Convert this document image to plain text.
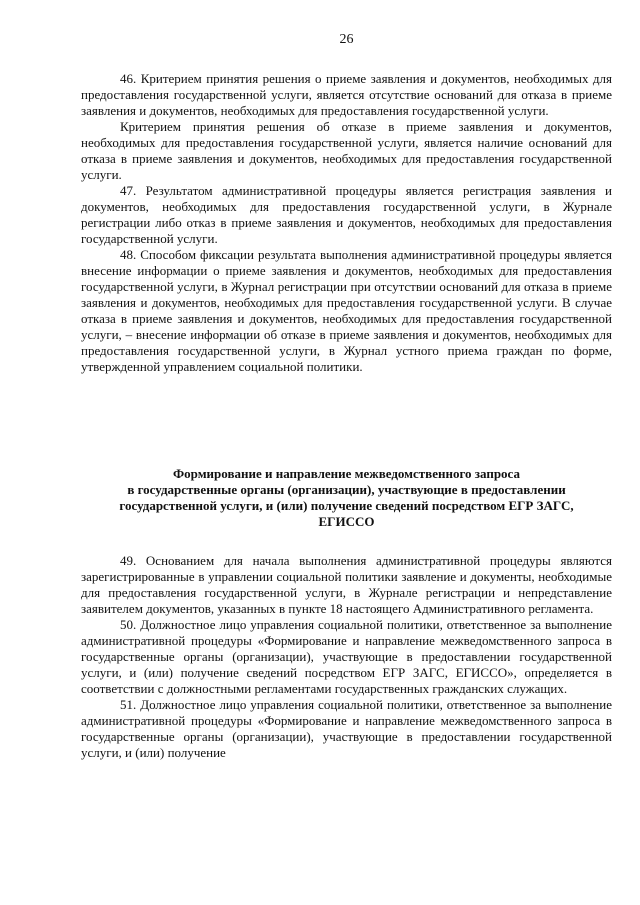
26

46. Критерием принятия решения о приеме заявления и документов, необходимых для предоставления государственной услуги, является отсутствие оснований для отказа в приеме заявления и документов, необходимых для предоставления государственной услуги.

Критерием принятия решения об отказе в приеме заявления и документов, необходимых для предоставления государственной услуги, является наличие оснований для отказа в приеме заявления и документов, необходимых для предоставления государственной услуги.

47. Результатом административной процедуры является регистрация заявления и документов, необходимых для предоставления государственной услуги, в Журнале регистрации либо отказ в приеме заявления и документов, необходимых для предоставления государственной услуги.

48. Способом фиксации результата выполнения административной процедуры является внесение информации о приеме заявления и документов, необходимых для предоставления государственной услуги, в Журнал регистрации при отсутствии оснований для отказа в приеме заявления и документов, необходимых для предоставления государственной услуги. В случае отказа в приеме заявления и документов, необходимых для предоставления государственной услуги, – внесение информации об отказе в приеме заявления и документов, необходимых для предоставления государственной услуги, в Журнал устного приема граждан по форме, утвержденной управлением социальной политики.

Формирование и направление межведомственного запроса
в государственные органы (организации), участвующие в предоставлении
государственной услуги, и (или) получение сведений посредством ЕГР ЗАГС,
ЕГИССО

49. Основанием для начала выполнения административной процедуры являются зарегистрированные в управлении социальной политики заявление и документы, необходимые для предоставления государственной услуги, в Журнале регистрации и непредставление заявителем документов, указанных в пункте 18 настоящего Административного регламента.

50. Должностное лицо управления социальной политики, ответственное за выполнение административной процедуры «Формирование и направление межведомственного запроса в государственные органы (организации), участвующие в предоставлении государственной услуги, и (или) получение сведений посредством ЕГР ЗАГС, ЕГИССО», определяется в соответствии с должностными регламентами государственных гражданских служащих.

51. Должностное лицо управления социальной политики, ответственное за выполнение административной процедуры «Формирование и направление межведомственного запроса в государственные органы (организации), участвующие в предоставлении государственной услуги, и (или) получение
